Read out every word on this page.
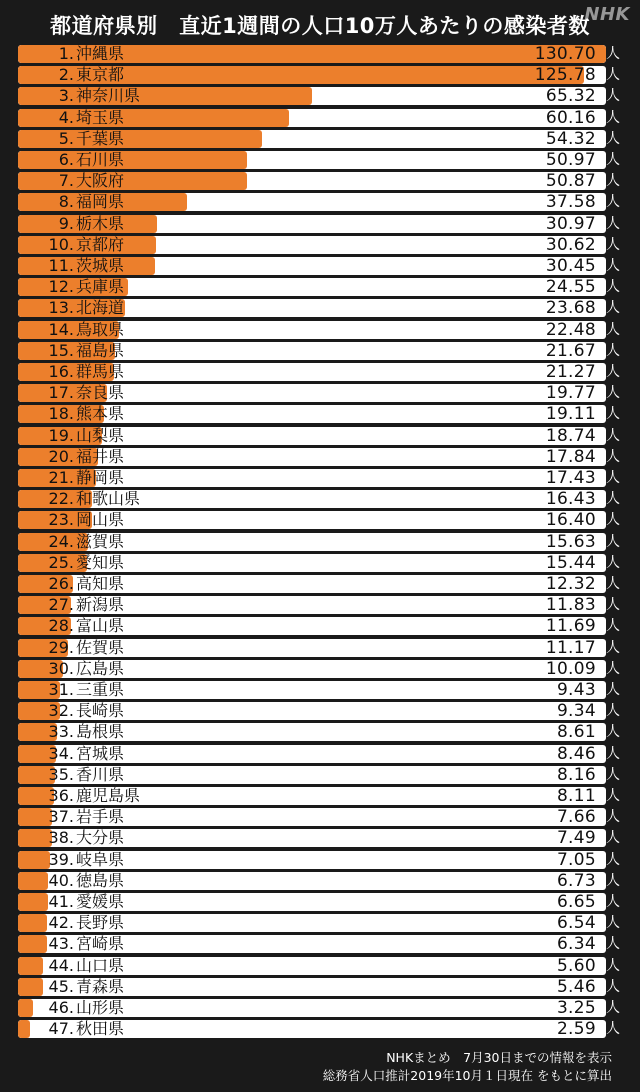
都道府県別　直近1週間の人口10万人あたりの感染者数
NHK
1. 沖縄県	130.70 人
2. 東京都	125.78 人
3. 神奈川県	65.32 人
4. 埼玉県	60.16 人
5. 千葉県	54.32 人
6. 石川県	50.97 人
7. 大阪府	50.87 人
8. 福岡県	37.58 人
9. 栃木県	30.97 人
10. 京都府	30.62 人
11. 茨城県	30.45 人
12. 兵庫県	24.55 人
13. 北海道	23.68 人
14. 鳥取県	22.48 人
15. 福島県	21.67 人
16. 群馬県	21.27 人
17. 奈良県	19.77 人
18. 熊本県	19.11 人
19. 山梨県	18.74 人
20. 福井県	17.84 人
21. 静岡県	17.43 人
22. 和歌山県	16.43 人
23. 岡山県	16.40 人
24. 滋賀県	15.63 人
25. 愛知県	15.44 人
26. 高知県	12.32 人
27. 新潟県	11.83 人
28. 富山県	11.69 人
29. 佐賀県	11.17 人
30. 広島県	10.09 人
31. 三重県	9.43 人
32. 長崎県	9.34 人
33. 島根県	8.61 人
34. 宮城県	8.46 人
35. 香川県	8.16 人
36. 鹿児島県	8.11 人
37. 岩手県	7.66 人
38. 大分県	7.49 人
39. 岐阜県	7.05 人
40. 徳島県	6.73 人
41. 愛媛県	6.65 人
42. 長野県	6.54 人
43. 宮崎県	6.34 人
44. 山口県	5.60 人
45. 青森県	5.46 人
46. 山形県	3.25 人
47. 秋田県	2.59 人
NHKまとめ　7月30日までの情報を表示
総務省人口推計2019年10月１日現在 をもとに算出
